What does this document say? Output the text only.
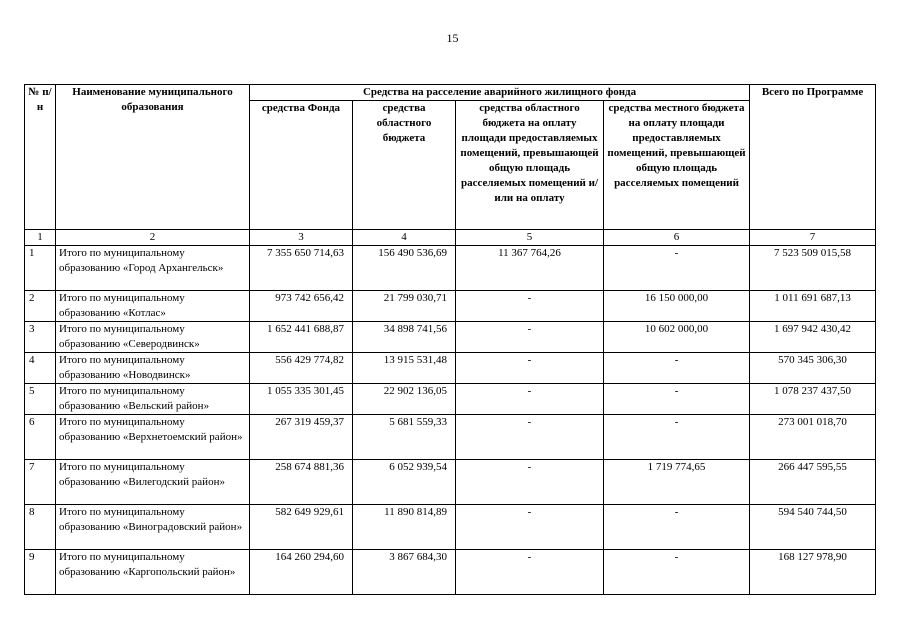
15
№ п/н	Наименование муниципального образования	Средства на расселение аварийного жилищного фонда				Всего по Программе
		средства Фонда	средства областного бюджета	средства областного бюджета на оплату площади предоставляемых помещений, превышающей общую площадь расселяемых помещений и/или на оплату	средства местного бюджета на оплату площади предоставляемых помещений, превышающей общую площадь расселяемых помещений	
1	2	3	4	5	6	7
1	Итого по муниципальному образованию «Город Архангельск»	7 355 650 714,63	156 490 536,69	11 367 764,26	-	7 523 509 015,58
2	Итого по муниципальному образованию «Котлас»	973 742 656,42	21 799 030,71	-	16 150 000,00	1 011 691 687,13
3	Итого по муниципальному образованию «Северодвинск»	1 652 441 688,87	34 898 741,56	-	10 602 000,00	1 697 942 430,42
4	Итого по муниципальному образованию «Новодвинск»	556 429 774,82	13 915 531,48	-	-	570 345 306,30
5	Итого по муниципальному образованию «Вельский район»	1 055 335 301,45	22 902 136,05	-	-	1 078 237 437,50
6	Итого по муниципальному образованию «Верхнетоемский район»	267 319 459,37	5 681 559,33	-	-	273 001 018,70
7	Итого по муниципальному образованию «Вилегодский район»	258 674 881,36	6 052 939,54	-	1 719 774,65	266 447 595,55
8	Итого по муниципальному образованию «Виноградовский район»	582 649 929,61	11 890 814,89	-	-	594 540 744,50
9	Итого по муниципальному образованию «Каргопольский район»	164 260 294,60	3 867 684,30	-	-	168 127 978,90
